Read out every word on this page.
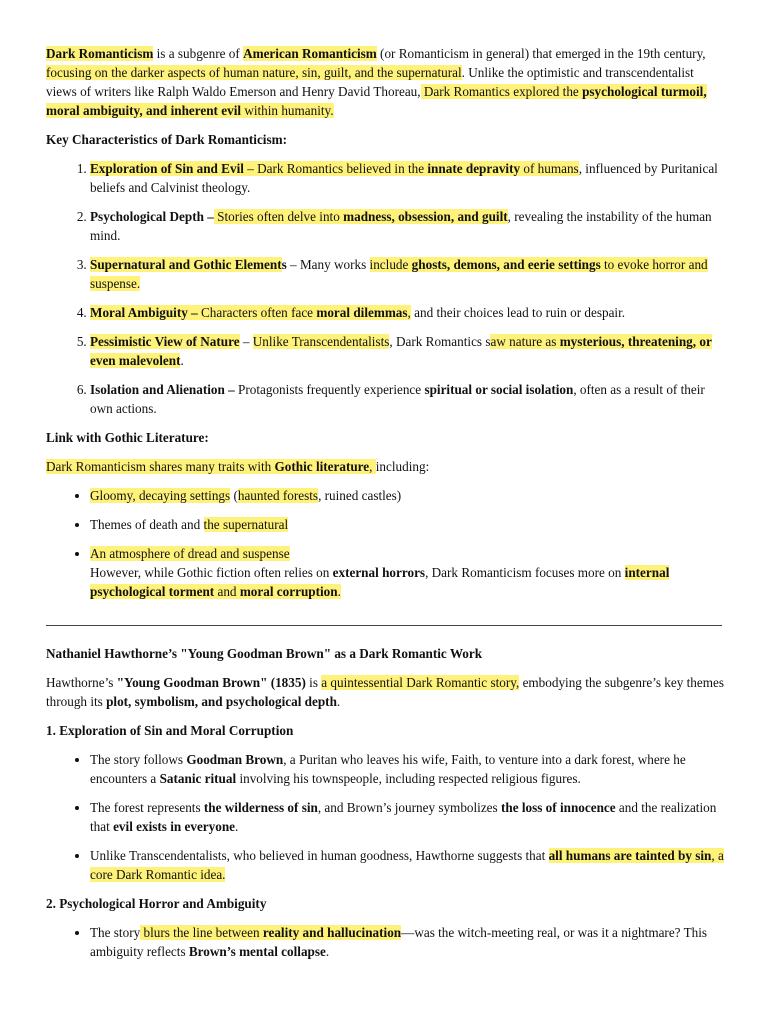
Dark Romanticism is a subgenre of American Romanticism (or Romanticism in general) that emerged in the 19th century, focusing on the darker aspects of human nature, sin, guilt, and the supernatural. Unlike the optimistic and transcendentalist views of writers like Ralph Waldo Emerson and Henry David Thoreau, Dark Romantics explored the psychological turmoil, moral ambiguity, and inherent evil within humanity.

Key Characteristics of Dark Romanticism:
1. Exploration of Sin and Evil – Dark Romantics believed in the innate depravity of humans, influenced by Puritanical beliefs and Calvinist theology.
2. Psychological Depth – Stories often delve into madness, obsession, and guilt, revealing the instability of the human mind.
3. Supernatural and Gothic Elements – Many works include ghosts, demons, and eerie settings to evoke horror and suspense.
4. Moral Ambiguity – Characters often face moral dilemmas, and their choices lead to ruin or despair.
5. Pessimistic View of Nature – Unlike Transcendentalists, Dark Romantics saw nature as mysterious, threatening, or even malevolent.
6. Isolation and Alienation – Protagonists frequently experience spiritual or social isolation, often as a result of their own actions.
Link with Gothic Literature:

Dark Romanticism shares many traits with Gothic literature, including:

• Gloomy, decaying settings (haunted forests, ruined castles)
• Themes of death and the supernatural
• An atmosphere of dread and suspense
However, while Gothic fiction often relies on external horrors, Dark Romanticism focuses more on internal psychological torment and moral corruption.
Nathaniel Hawthorne’s "Young Goodman Brown" as a Dark Romantic Work

Hawthorne’s "Young Goodman Brown" (1835) is a quintessential Dark Romantic story, embodying the subgenre’s key themes through its plot, symbolism, and psychological depth.

1. Exploration of Sin and Moral Corruption
• The story follows Goodman Brown, a Puritan who leaves his wife, Faith, to venture into a dark forest, where he encounters a Satanic ritual involving his townspeople, including respected religious figures.
• The forest represents the wilderness of sin, and Brown’s journey symbolizes the loss of innocence and the realization that evil exists in everyone.
• Unlike Transcendentalists, who believed in human goodness, Hawthorne suggests that all humans are tainted by sin, a core Dark Romantic idea.
2. Psychological Horror and Ambiguity
• The story blurs the line between reality and hallucination—was the witch-meeting real, or was it a nightmare? This ambiguity reflects Brown’s mental collapse.
